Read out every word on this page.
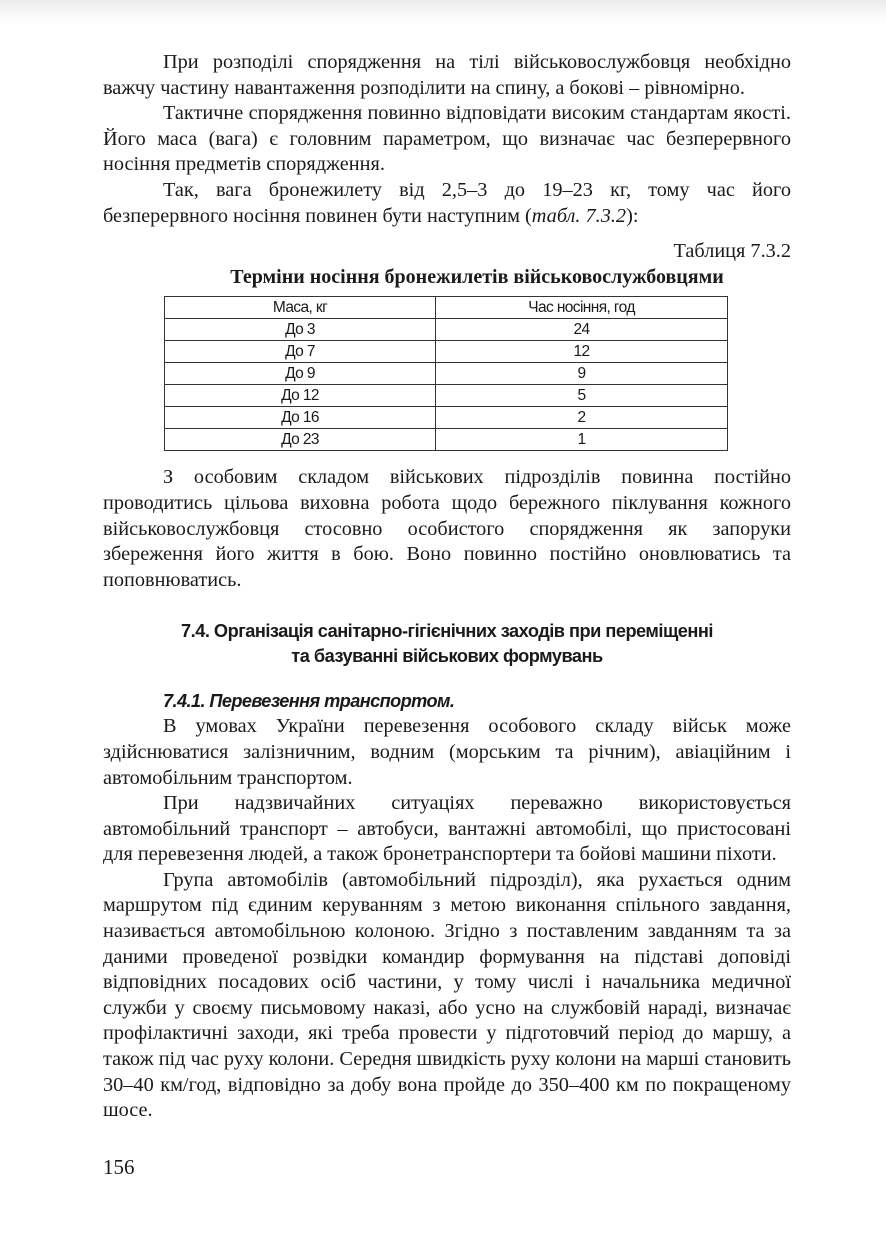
При розподілі спорядження на тілі військовослужбовця необхідно важчу частину навантаження розподілити на спину, а бокові – рівномірно.

Тактичне спорядження повинно відповідати високим стандартам якості. Його маса (вага) є головним параметром, що визначає час безперервного носіння предметів спорядження.

Так, вага бронежилету від 2,5–3 до 19–23 кг, тому час його безперервного носіння повинен бути наступним (табл. 7.3.2):

Таблиця 7.3.2

Терміни носіння бронежилетів військовослужбовцями

Маса, кг	Час носіння, год
До 3	24
До 7	12
До 9	9
До 12	5
До 16	2
До 23	1

З особовим складом військових підрозділів повинна постійно проводитись цільова виховна робота щодо бережного піклування кожного військовослужбовця стосовно особистого спорядження як запоруки збереження його життя в бою. Воно повинно постійно оновлюватись та поповнюватись.

7.4. Організація санітарно-гігієнічних заходів при переміщенні
та базуванні військових формувань
7.4.1. Перевезення транспортом.

В умовах України перевезення особового складу військ може здійснюватися залізничним, водним (морським та річним), авіаційним і автомобільним транспортом.

При надзвичайних ситуаціях переважно використовується автомобільний транспорт – автобуси, вантажні автомобілі, що пристосовані для перевезення людей, а також бронетранспортери та бойові машини піхоти.

Група автомобілів (автомобільний підрозділ), яка рухається одним маршрутом під єдиним керуванням з метою виконання спільного завдання, називається автомобільною колоною. Згідно з поставленим завданням та за даними проведеної розвідки командир формування на підставі доповіді відповідних посадових осіб частини, у тому числі і начальника медичної служби у своєму письмовому наказі, або усно на службовій нараді, визначає профілактичні заходи, які треба провести у підготовчий період до маршу, а також під час руху колони. Середня швидкість руху колони на марші становить 30–40 км/год, відповідно за добу вона пройде до 350–400 км по покращеному шосе.

156
